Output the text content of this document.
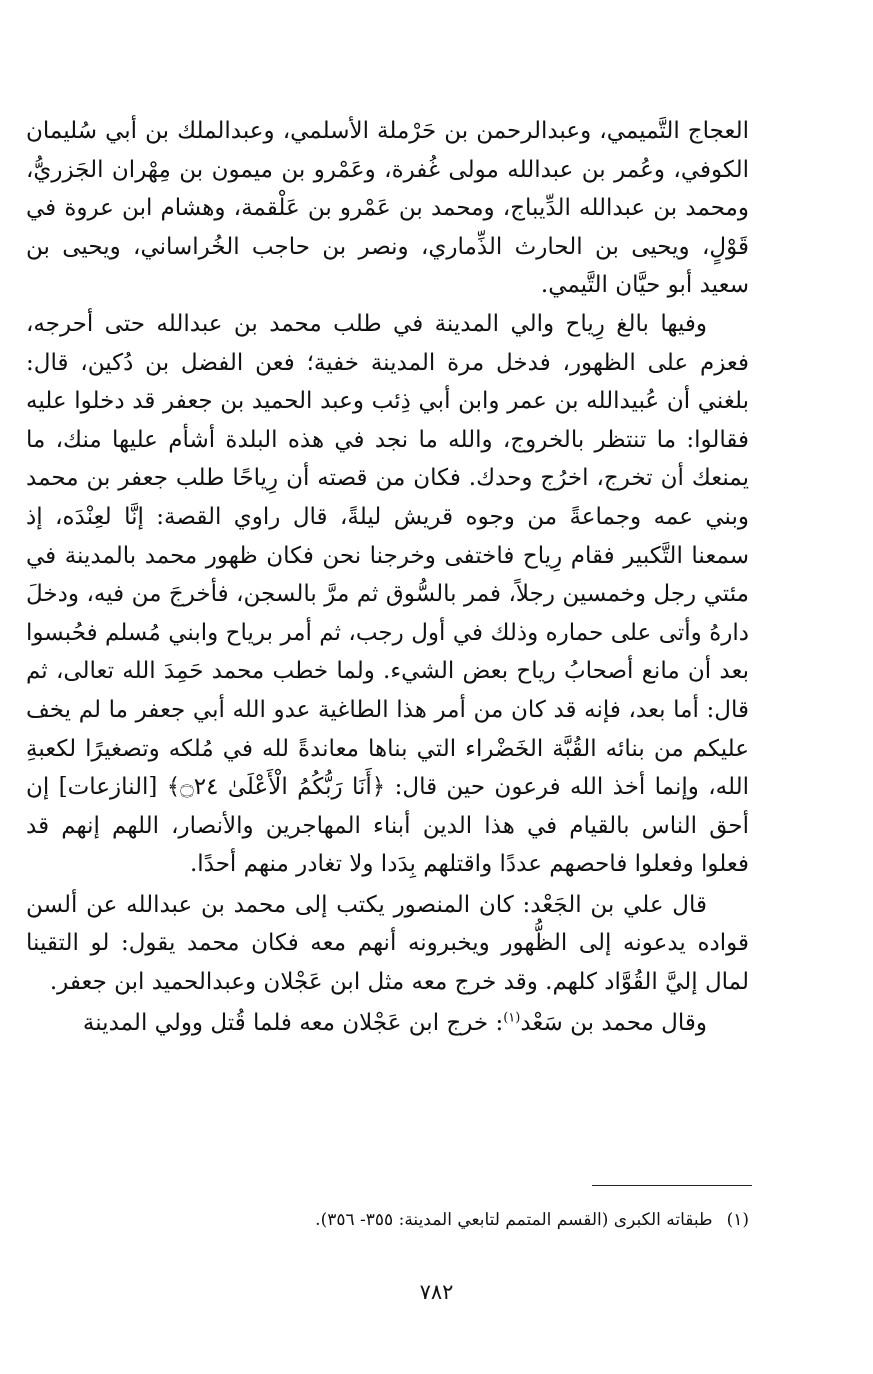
العجاج التَّميمي، وعبدالرحمن بن حَرْملة الأسلمي، وعبدالملك بن أبي سُليمان الكوفي، وعُمر بن عبدالله مولى غُفرة، وعَمْرو بن ميمون بن مِهْران الجَزريُّ، ومحمد بن عبدالله الدِّيباج، ومحمد بن عَمْرو بن عَلْقمة، وهشام ابن عروة في قَوْلٍ، ويحيى بن الحارث الذِّماري، ونصر بن حاجب الخُراساني، ويحيى بن سعيد أبو حيَّان التَّيمي.

وفيها بالغ رِياح والي المدينة في طلب محمد بن عبدالله حتى أحرجه، فعزم على الظهور، فدخل مرة المدينة خفية؛ فعن الفضل بن دُكين، قال: بلغني أن عُبيدالله بن عمر وابن أبي ذِئب وعبد الحميد بن جعفر قد دخلوا عليه فقالوا: ما تنتظر بالخروج، والله ما نجد في هذه البلدة أشأم عليها منك، ما يمنعك أن تخرج، اخرُج وحدك. فكان من قصته أن رِياحًا طلب جعفر بن محمد وبني عمه وجماعةً من وجوه قريش ليلةً، قال راوي القصة: إنَّا لعِنْدَه، إذ سمعنا التَّكبير فقام رِياح فاختفى وخرجنا نحن فكان ظهور محمد بالمدينة في مئتي رجل وخمسين رجلاً، فمر بالسُّوق ثم مرَّ بالسجن، فأخرجَ من فيه، ودخلَ دارهُ وأتى على حماره وذلك في أول رجب، ثم أمر برياح وابني مُسلم فحُبسوا بعد أن مانع أصحابُ رياح بعض الشيء. ولما خطب محمد حَمِدَ الله تعالى، ثم قال: أما بعد، فإنه قد كان من أمر هذا الطاغية عدو الله أبي جعفر ما لم يخف عليكم من بنائه القُبَّة الخَضْراء التي بناها معاندةً لله في مُلكه وتصغيرًا لكعبةِ الله، وإنما أخذ الله فرعون حين قال: ﴿أَنَا رَبُّكُمُ الْأَعْلَىٰ ۝٢٤﴾ [النازعات] إن أحق الناس بالقيام في هذا الدين أبناء المهاجرين والأنصار، اللهم إنهم قد فعلوا وفعلوا فاحصهم عددًا واقتلهم بِدَدا ولا تغادر منهم أحدًا.

قال علي بن الجَعْد: كان المنصور يكتب إلى محمد بن عبدالله عن ألسن قواده يدعونه إلى الظُّهور ويخبرونه أنهم معه فكان محمد يقول: لو التقينا لمال إليَّ القُوَّاد كلهم. وقد خرج معه مثل ابن عَجْلان وعبدالحميد ابن جعفر.

وقال محمد بن سَعْد$^{(١)}$: خرج ابن عَجْلان معه فلما قُتل وولي المدينة

(١)طبقاته الكبرى (القسم المتمم لتابعي المدينة: ٣٥٥- ٣٥٦).
٧٨٢
